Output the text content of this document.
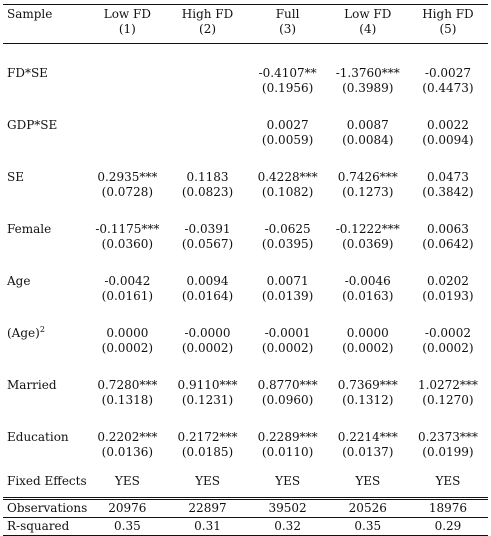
Sample	Low FD	High FD	Full	Low FD	High FD
	(1)	(2)	(3)	(4)	(5)

FD*SE			-0.4107**	-1.3760***	-0.0027
			(0.1956)	(0.3989)	(0.4473)

GDP*SE			0.0027	0.0087	0.0022
			(0.0059)	(0.0084)	(0.0094)

SE	0.2935***	0.1183	0.4228***	0.7426***	0.0473
	(0.0728)	(0.0823)	(0.1082)	(0.1273)	(0.3842)

Female	-0.1175***	-0.0391	-0.0625	-0.1222***	0.0063
	(0.0360)	(0.0567)	(0.0395)	(0.0369)	(0.0642)

Age	-0.0042	0.0094	0.0071	-0.0046	0.0202
	(0.0161)	(0.0164)	(0.0139)	(0.0163)	(0.0193)

(Age)$^2$	0.0000	-0.0000	-0.0001	0.0000	-0.0002
	(0.0002)	(0.0002)	(0.0002)	(0.0002)	(0.0002)

Married	0.7280***	0.9110***	0.8770***	0.7369***	1.0272***
	(0.1318)	(0.1231)	(0.0960)	(0.1312)	(0.1270)

Education	0.2202***	0.2172***	0.2289***	0.2214***	0.2373***
	(0.0136)	(0.0185)	(0.0110)	(0.0137)	(0.0199)
Fixed Effects	YES	YES	YES	YES	YES
Observations	20976	22897	39502	20526	18976
R-squared	0.35	0.31	0.32	0.35	0.29
